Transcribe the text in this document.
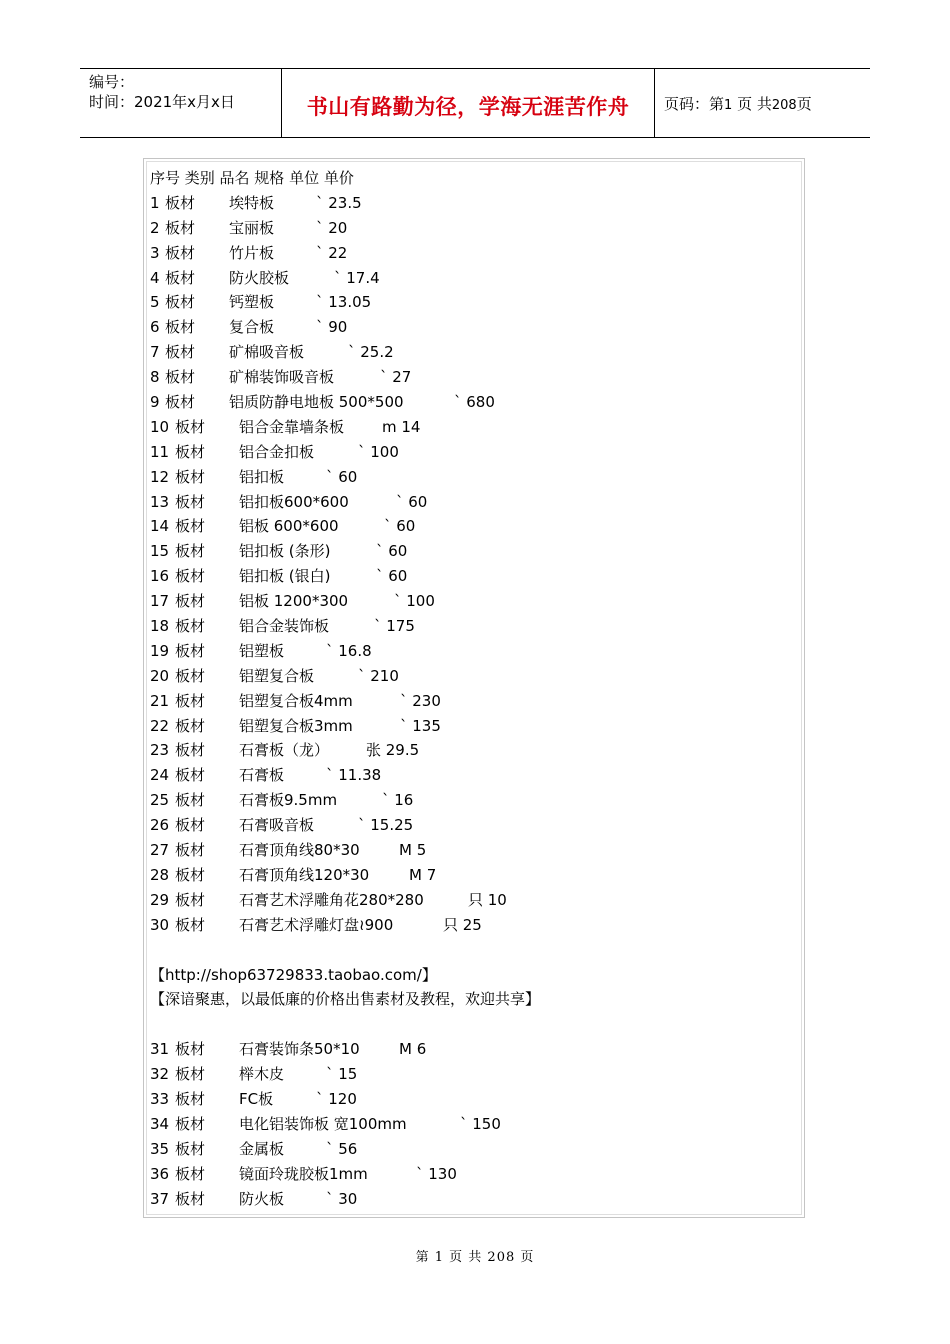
编号：
时间：2021年x月x日	书山有路勤为径，学海无涯苦作舟	页码：第1 页 共208页
序号 类别 品名 规格 单位 单价
1 板材 埃特板	` 23.5
2 板材 宝丽板	` 20
3 板材 竹片板	` 22
4 板材 防火胶板	` 17.4
5 板材 钙塑板	` 13.05
6 板材 复合板	` 90
7 板材 矿棉吸音板	` 25.2
8 板材 矿棉装饰吸音板	` 27
9 板材 铝质防静电地板 500*500	` 680
10 板材 铝合金靠墙条板	m 14
11 板材 铝合金扣板	` 100
12 板材 铝扣板	` 60
13 板材 铝扣板600*600	` 60
14 板材 铝板 600*600	` 60
15 板材 铝扣板 (条形)	` 60
16 板材 铝扣板 (银白)	` 60
17 板材 铝板 1200*300	` 100
18 板材 铝合金装饰板	` 175
19 板材 铝塑板	` 16.8
20 板材 铝塑复合板	` 210
21 板材 铝塑复合板4mm	` 230
22 板材 铝塑复合板3mm	` 135
23 板材 石膏板（龙） 张 29.5
24 板材 石膏板	` 11.38
25 板材 石膏板9.5mm	` 16
26 板材 石膏吸音板	` 15.25
27 板材 石膏顶角线80*30	M 5
28 板材 石膏顶角线120*30	M 7
29 板材 石膏艺术浮雕角花280*280	只 10
30 板材 石膏艺术浮雕灯盘≀900	只 25
【http://shop63729833.taobao.com/】
【深谙聚惠，以最低廉的价格出售素材及教程，欢迎共享】
31 板材 石膏装饰条50*10	M 6
32 板材 榉木皮	` 15
33 板材 FC板	` 120
34 板材 电化铝装饰板 宽100mm	` 150
35 板材 金属板	` 56
36 板材 镜面玲珑胶板1mm	` 130
37 板材 防火板	` 30
第 1 页 共 208 页
